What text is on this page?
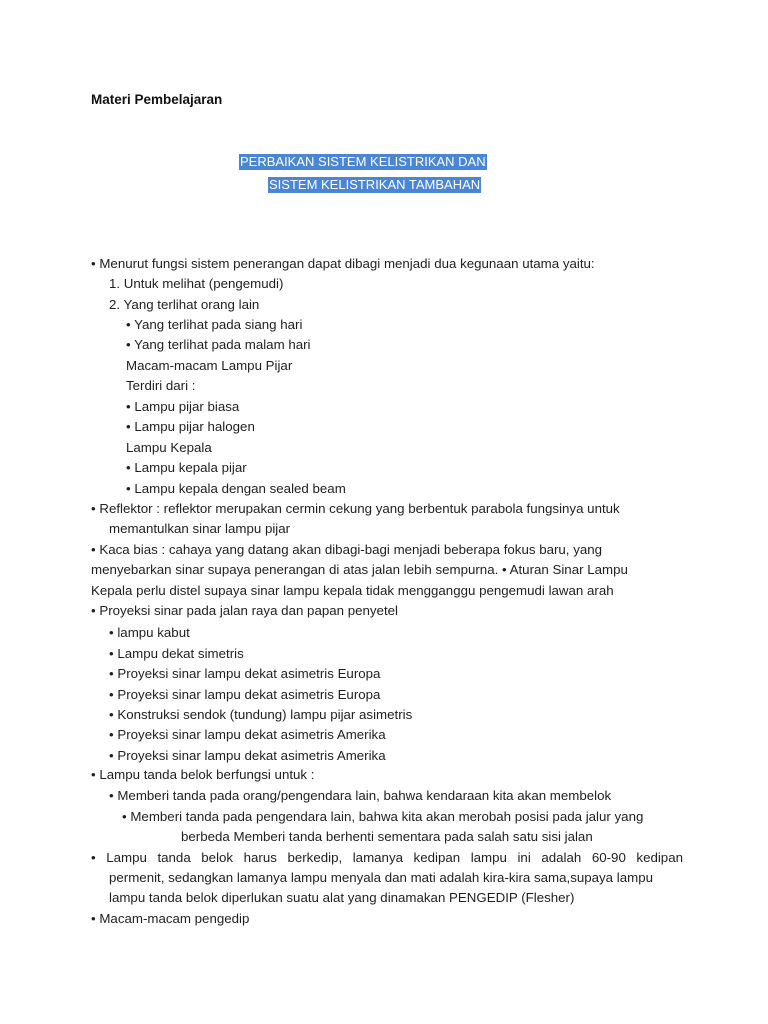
Materi Pembelajaran
PERBAIKAN SISTEM KELISTRIKAN DAN
SISTEM KELISTRIKAN TAMBAHAN
• Menurut fungsi sistem penerangan dapat dibagi menjadi dua kegunaan utama yaitu:
1. Untuk melihat (pengemudi)
2. Yang terlihat orang lain
• Yang terlihat pada siang hari
• Yang terlihat pada malam hari
Macam-macam Lampu Pijar
Terdiri dari :
• Lampu pijar biasa
• Lampu pijar halogen
Lampu Kepala
• Lampu kepala pijar
• Lampu kepala dengan sealed beam
• Reflektor : reflektor merupakan cermin cekung yang berbentuk parabola fungsinya untuk
memantulkan sinar lampu pijar
• Kaca bias : cahaya yang datang akan dibagi-bagi menjadi beberapa fokus baru, yang
menyebarkan sinar supaya penerangan di atas jalan lebih sempurna. • Aturan Sinar Lampu
Kepala perlu distel supaya sinar lampu kepala tidak mengganggu pengemudi lawan arah
• Proyeksi sinar pada jalan raya dan papan penyetel
• lampu kabut
• Lampu dekat simetris
• Proyeksi sinar lampu dekat asimetris Europa
• Proyeksi sinar lampu dekat asimetris Europa
• Konstruksi sendok (tundung) lampu pijar asimetris
• Proyeksi sinar lampu dekat asimetris Amerika
• Proyeksi sinar lampu dekat asimetris Amerika
• Lampu tanda belok berfungsi untuk :
• Memberi tanda pada orang/pengendara lain, bahwa kendaraan kita akan membelok
• Memberi tanda pada pengendara lain, bahwa kita akan merobah posisi pada jalur yang
berbeda Memberi tanda berhenti sementara pada salah satu sisi jalan
• Lampu tanda belok harus berkedip, lamanya kedipan lampu ini adalah 60-90 kedipan
permenit, sedangkan lamanya lampu menyala dan mati adalah kira-kira sama,supaya lampu
lampu tanda belok diperlukan suatu alat yang dinamakan PENGEDIP (Flesher)
• Macam-macam pengedip
